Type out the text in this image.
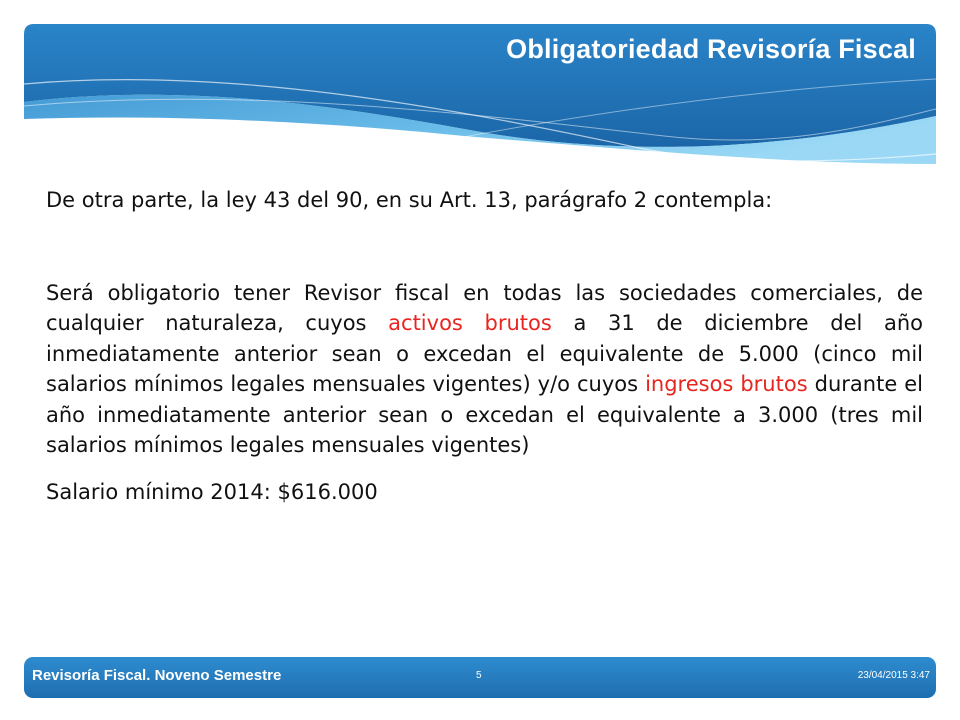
Obligatoriedad Revisoría Fiscal

De otra parte, la ley 43 del 90, en su Art. 13, parágrafo 2 contempla:

Será obligatorio tener Revisor fiscal en todas las sociedades comerciales, de cualquier naturaleza, cuyos activos brutos a 31 de diciembre del año inmediatamente anterior sean o excedan el equivalente de 5.000 (cinco mil salarios mínimos legales mensuales vigentes) y/o cuyos ingresos brutos durante el año inmediatamente anterior sean o excedan el equivalente a 3.000 (tres mil salarios mínimos legales mensuales vigentes)

Salario mínimo 2014: $616.000

Revisoría Fiscal. Noveno Semestre	5	23/04/2015 3:47
